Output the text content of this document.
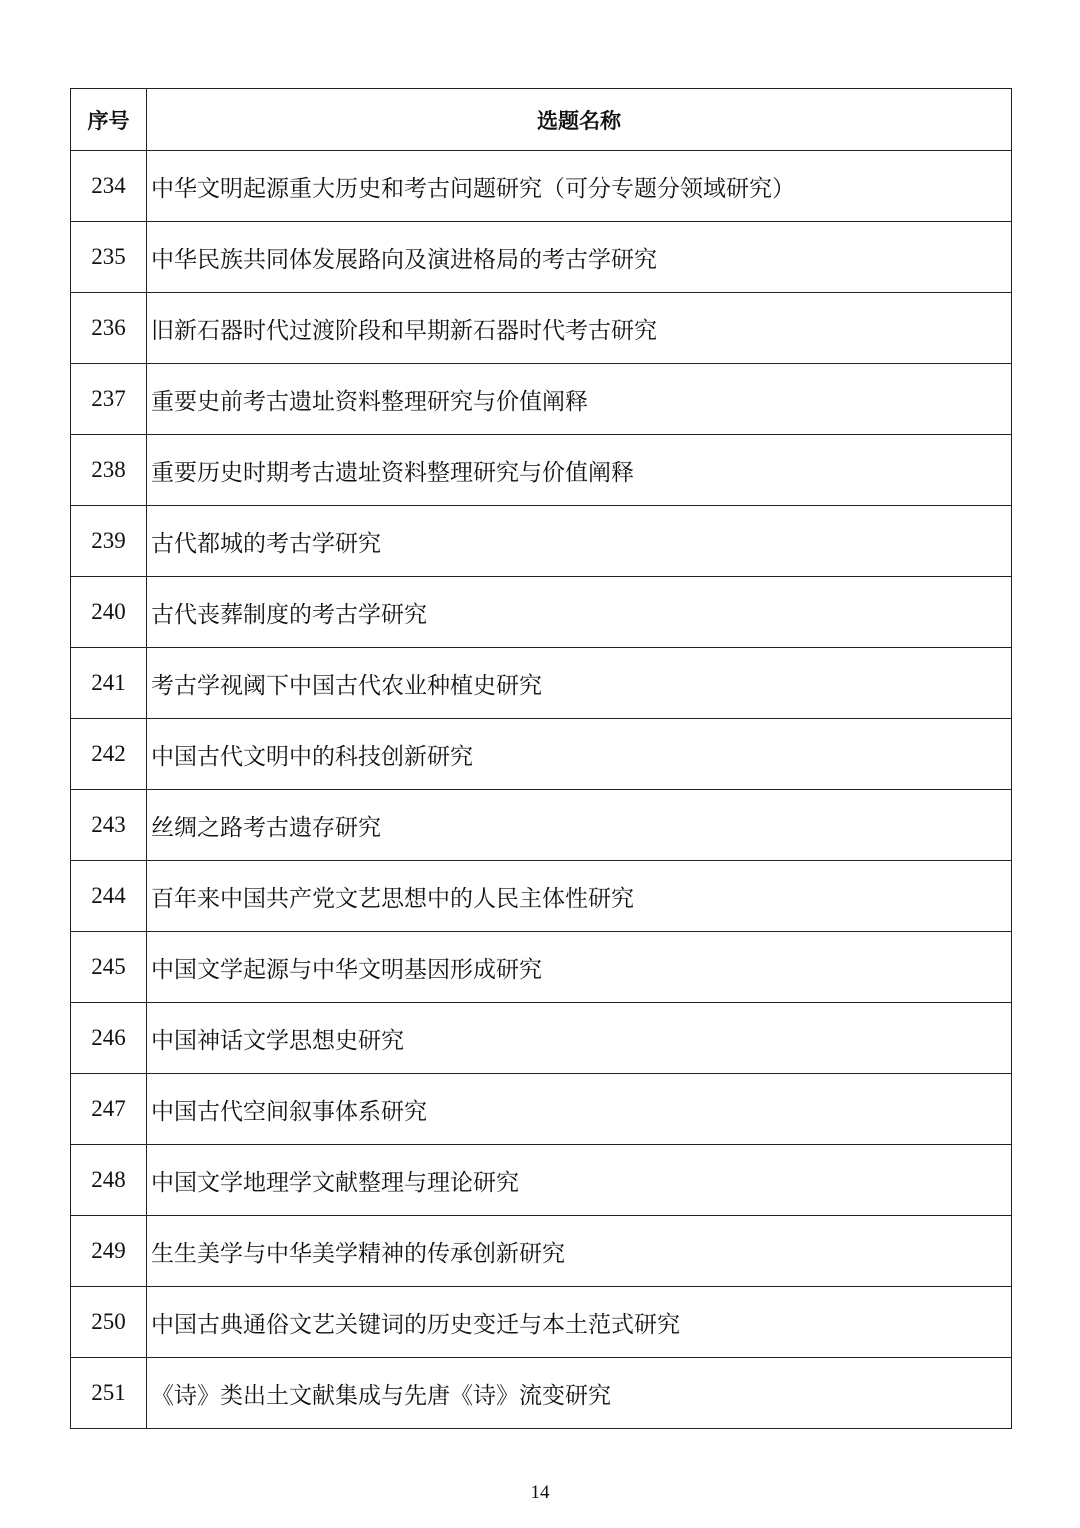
序号	选题名称
234	中华文明起源重大历史和考古问题研究（可分专题分领域研究）
235	中华民族共同体发展路向及演进格局的考古学研究
236	旧新石器时代过渡阶段和早期新石器时代考古研究
237	重要史前考古遗址资料整理研究与价值阐释
238	重要历史时期考古遗址资料整理研究与价值阐释
239	古代都城的考古学研究
240	古代丧葬制度的考古学研究
241	考古学视阈下中国古代农业种植史研究
242	中国古代文明中的科技创新研究
243	丝绸之路考古遗存研究
244	百年来中国共产党文艺思想中的人民主体性研究
245	中国文学起源与中华文明基因形成研究
246	中国神话文学思想史研究
247	中国古代空间叙事体系研究
248	中国文学地理学文献整理与理论研究
249	生生美学与中华美学精神的传承创新研究
250	中国古典通俗文艺关键词的历史变迁与本土范式研究
251	《诗》类出土文献集成与先唐《诗》流变研究
14
